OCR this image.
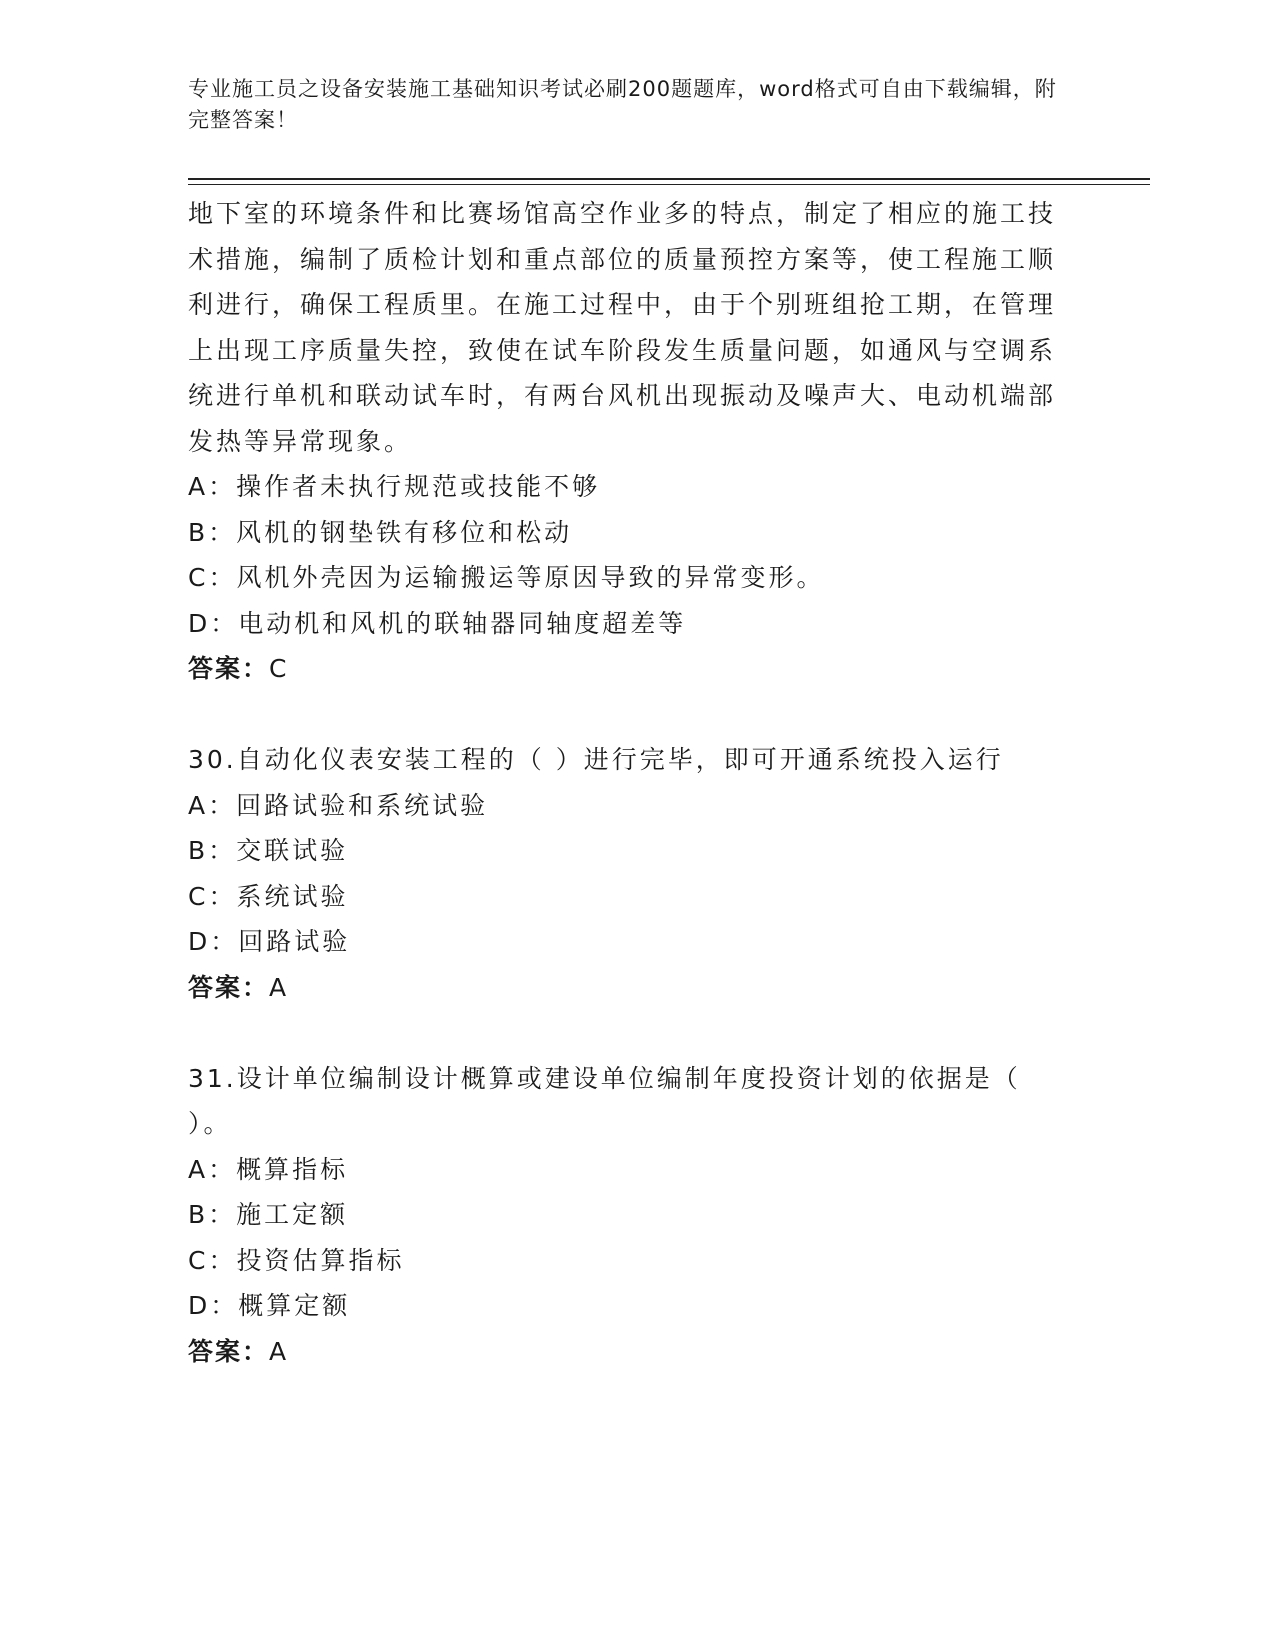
专业施工员之设备安装施工基础知识考试必刷200题题库，word格式可自由下载编辑，附完整答案！

地下室的环境条件和比赛场馆高空作业多的特点，制定了相应的施工技术措施，编制了质检计划和重点部位的质量预控方案等，使工程施工顺利进行，确保工程质里。在施工过程中，由于个别班组抢工期，在管理上出现工序质量失控，致使在试车阶段发生质量问题，如通风与空调系统进行单机和联动试车时，有两台风机出现振动及噪声大、电动机端部发热等异常现象。

A：操作者未执行规范或技能不够

B：风机的钢垫铁有移位和松动

C：风机外壳因为运输搬运等原因导致的异常变形。

D：电动机和风机的联轴器同轴度超差等

答案：C

30.自动化仪表安装工程的（ ）进行完毕，即可开通系统投入运行

A：回路试验和系统试验

B：交联试验

C：系统试验

D：回路试验

答案：A

31.设计单位编制设计概算或建设单位编制年度投资计划的依据是（ ）。

A：概算指标

B：施工定额

C：投资估算指标

D：概算定额

答案：A
